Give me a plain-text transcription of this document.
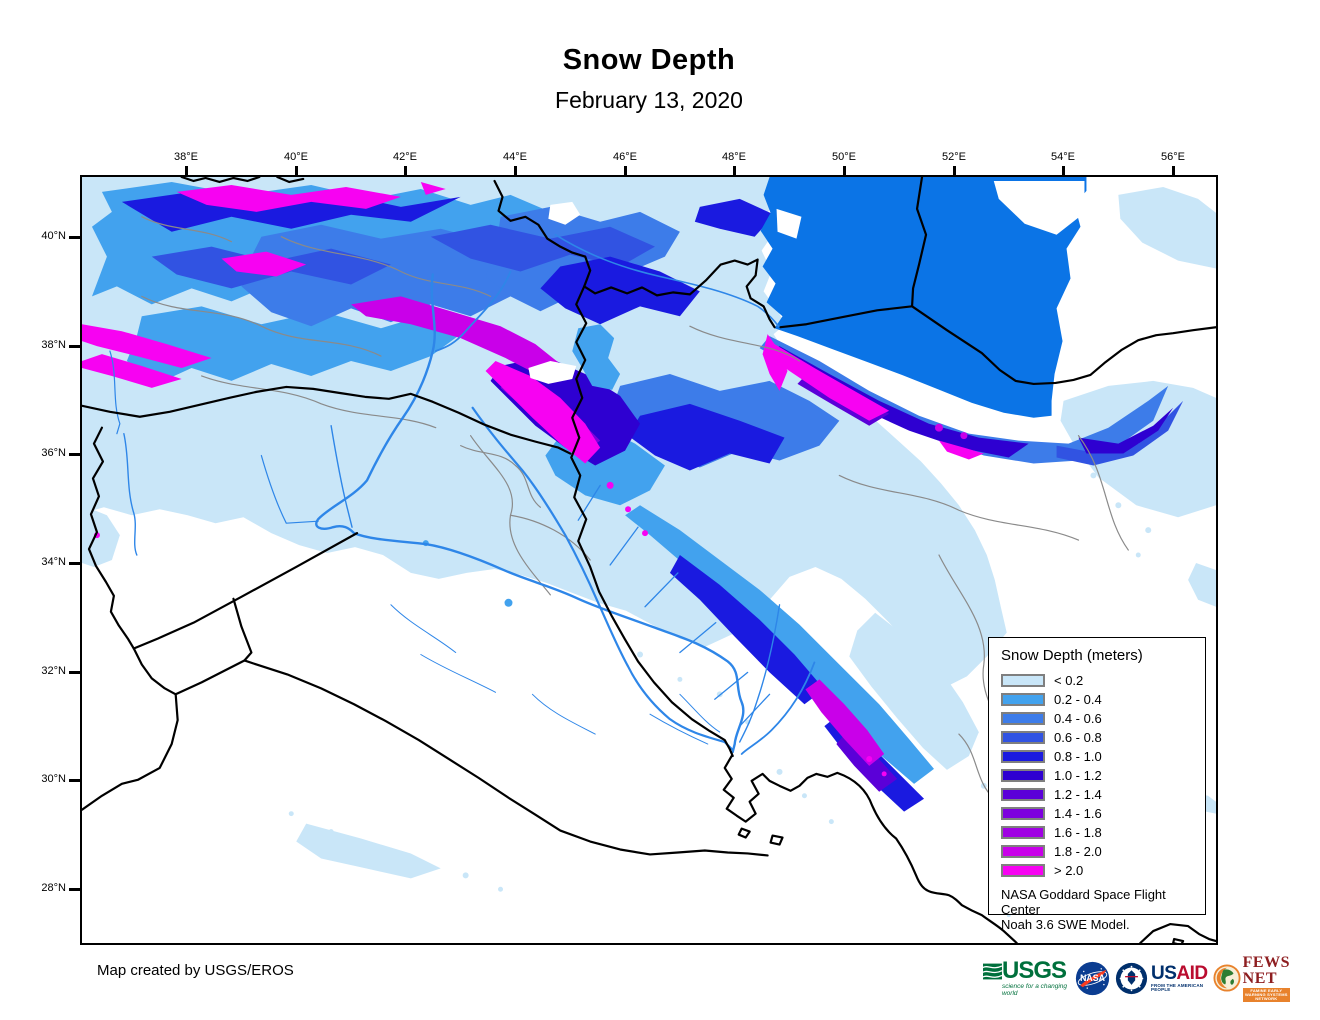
Snow Depth
February 13, 2020
38°E	40°E	42°E	44°E	46°E	48°E	50°E	52°E	54°E	56°E
40°N
38°N
36°N
34°N
32°N
30°N
28°N
Snow Depth (meters)
< 0.2
0.2 - 0.4
0.4 - 0.6
0.6 - 0.8
0.8 - 1.0
1.0 - 1.2
1.2 - 1.4
1.4 - 1.6
1.6 - 1.8
1.8 - 2.0
> 2.0
NASA Goddard Space Flight Center
Noah 3.6 SWE Model.
Map created by USGS/EROS	USGS
science for a changing world
NASA USAID
FROM THE AMERICAN PEOPLE
FEWS NET
FAMINE EARLY WARNING SYSTEMS NETWORK
